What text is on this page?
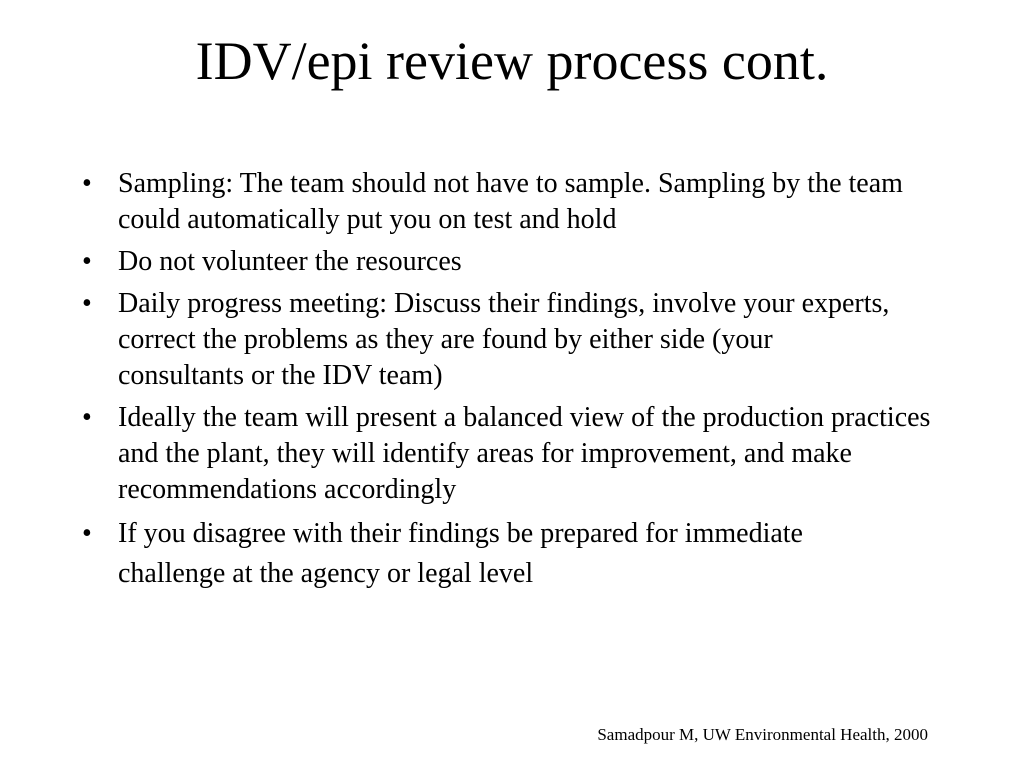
IDV/epi review process cont.
• Sampling: The team should not have to sample. Sampling by the team could automatically put you on test and hold
• Do not volunteer the resources
• Daily progress meeting: Discuss their findings, involve your experts, correct the problems as they are found by either side (your consultants or the IDV team)
• Ideally the team will present a balanced view of the production practices and the plant, they will identify areas for improvement, and make recommendations accordingly
• If you disagree with their findings be prepared for immediate challenge at the agency or legal level
Samadpour M, UW Environmental Health, 2000
